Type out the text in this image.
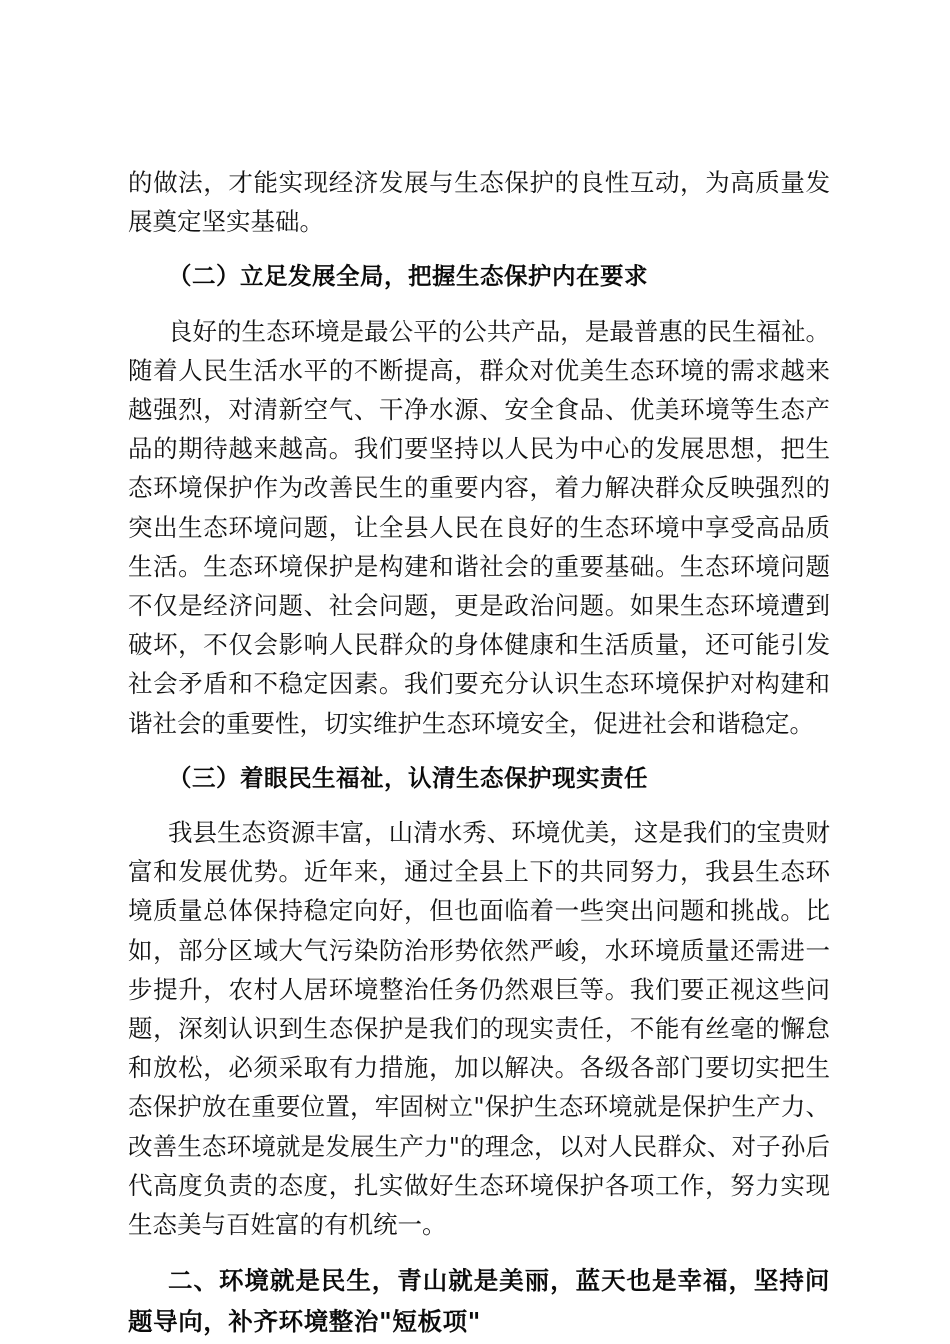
的做法，才能实现经济发展与生态保护的良性互动，为高质量发展奠定坚实基础。

（二）立足发展全局，把握生态保护内在要求

良好的生态环境是最公平的公共产品，是最普惠的民生福祉。随着人民生活水平的不断提高，群众对优美生态环境的需求越来越强烈，对清新空气、干净水源、安全食品、优美环境等生态产品的期待越来越高。我们要坚持以人民为中心的发展思想，把生态环境保护作为改善民生的重要内容，着力解决群众反映强烈的突出生态环境问题，让全县人民在良好的生态环境中享受高品质生活。生态环境保护是构建和谐社会的重要基础。生态环境问题不仅是经济问题、社会问题，更是政治问题。如果生态环境遭到破坏，不仅会影响人民群众的身体健康和生活质量，还可能引发社会矛盾和不稳定因素。我们要充分认识生态环境保护对构建和谐社会的重要性，切实维护生态环境安全，促进社会和谐稳定。

（三）着眼民生福祉，认清生态保护现实责任

我县生态资源丰富，山清水秀、环境优美，这是我们的宝贵财富和发展优势。近年来，通过全县上下的共同努力，我县生态环境质量总体保持稳定向好，但也面临着一些突出问题和挑战。比如，部分区域大气污染防治形势依然严峻，水环境质量还需进一步提升，农村人居环境整治任务仍然艰巨等。我们要正视这些问题，深刻认识到生态保护是我们的现实责任，不能有丝毫的懈怠和放松，必须采取有力措施，加以解决。各级各部门要切实把生态保护放在重要位置，牢固树立"保护生态环境就是保护生产力、改善生态环境就是发展生产力"的理念，以对人民群众、对子孙后代高度负责的态度，扎实做好生态环境保护各项工作，努力实现生态美与百姓富的有机统一。

二、环境就是民生，青山就是美丽，蓝天也是幸福，坚持问题导向，补齐环境整治"短板项"
